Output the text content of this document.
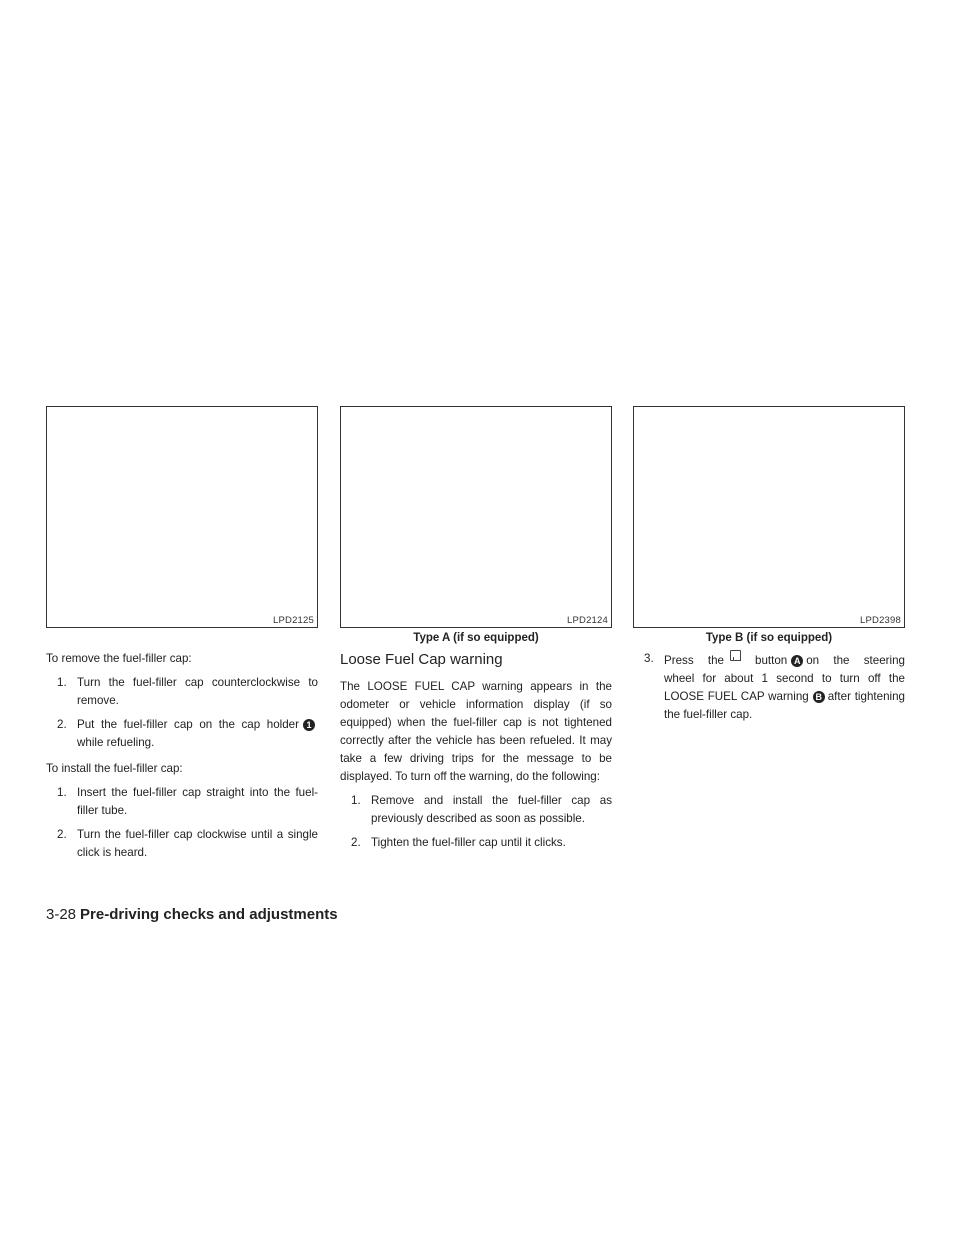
LPD2125	LPD2124	LPD2398
Type A (if so equipped)	Type B (if so equipped)

To remove the fuel-filler cap:

1. Turn the fuel-filler cap counterclockwise to remove.
2. Put the fuel-filler cap on the cap holder 1while refueling.

To install the fuel-filler cap:

1. Insert the fuel-filler cap straight into the fuel-filler tube.
2. Turn the fuel-filler cap clockwise until a single click is heard.
Loose Fuel Cap warning

The LOOSE FUEL CAP warning appears in the odometer or vehicle information display (if so equipped) when the fuel-filler cap is not tightened correctly after the vehicle has been refueled. It may take a few driving trips for the message to be displayed. To turn off the warning, do the following:

1. Remove and install the fuel-filler cap as previously described as soon as possible.
2. Tighten the fuel-filler cap until it clicks.
3. Press the	button A on the steering wheel for about 1 second to turn off the LOOSE FUEL CAP warning B after tightening the fuel-filler cap.
3-28 Pre-driving checks and adjustments
